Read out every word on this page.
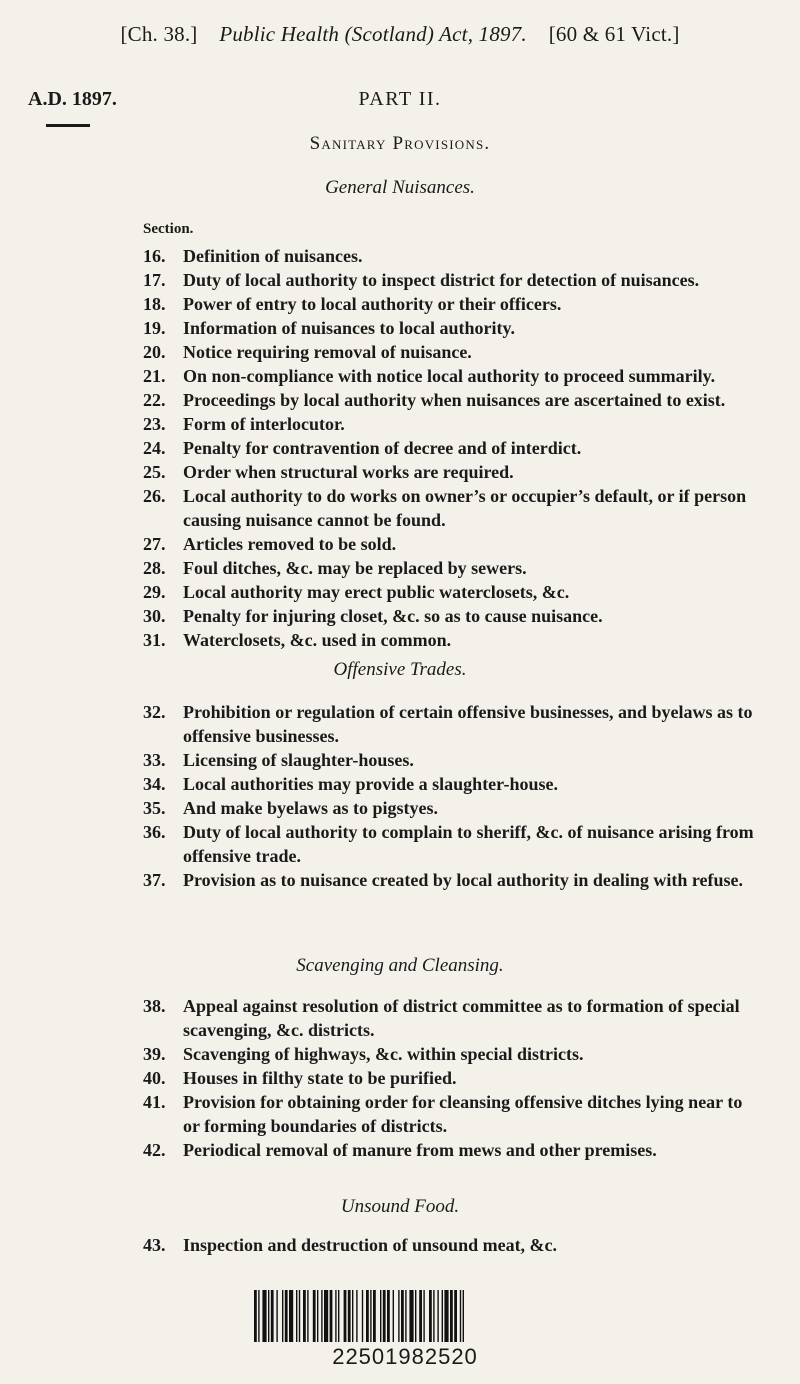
[Ch. 38.] Public Health (Scotland) Act, 1897. [60 & 61 Vict.]
A.D. 1897.	PART II.
Sanitary Provisions.
General Nuisances.
Section.
16. Definition of nuisances.
17. Duty of local authority to inspect district for detection of nuisances.
18. Power of entry to local authority or their officers.
19. Information of nuisances to local authority.
20. Notice requiring removal of nuisance.
21. On non-compliance with notice local authority to proceed summarily.
22. Proceedings by local authority when nuisances are ascertained to exist.
23. Form of interlocutor.
24. Penalty for contravention of decree and of interdict.
25. Order when structural works are required.
26. Local authority to do works on owner’s or occupier’s default, or if person causing nuisance cannot be found.
27. Articles removed to be sold.
28. Foul ditches, &c. may be replaced by sewers.
29. Local authority may erect public waterclosets, &c.
30. Penalty for injuring closet, &c. so as to cause nuisance.
31. Waterclosets, &c. used in common.
Offensive Trades.
32. Prohibition or regulation of certain offensive businesses, and byelaws as to offensive businesses.
33. Licensing of slaughter-houses.
34. Local authorities may provide a slaughter-house.
35. And make byelaws as to pigstyes.
36. Duty of local authority to complain to sheriff, &c. of nuisance arising from offensive trade.
37. Provision as to nuisance created by local authority in dealing with refuse.
Scavenging and Cleansing.
38. Appeal against resolution of district committee as to formation of special scavenging, &c. districts.
39. Scavenging of highways, &c. within special districts.
40. Houses in filthy state to be purified.
41. Provision for obtaining order for cleansing offensive ditches lying near to or forming boundaries of districts.
42. Periodical removal of manure from mews and other premises.
Unsound Food.
43. Inspection and destruction of unsound meat, &c.
22501982520
